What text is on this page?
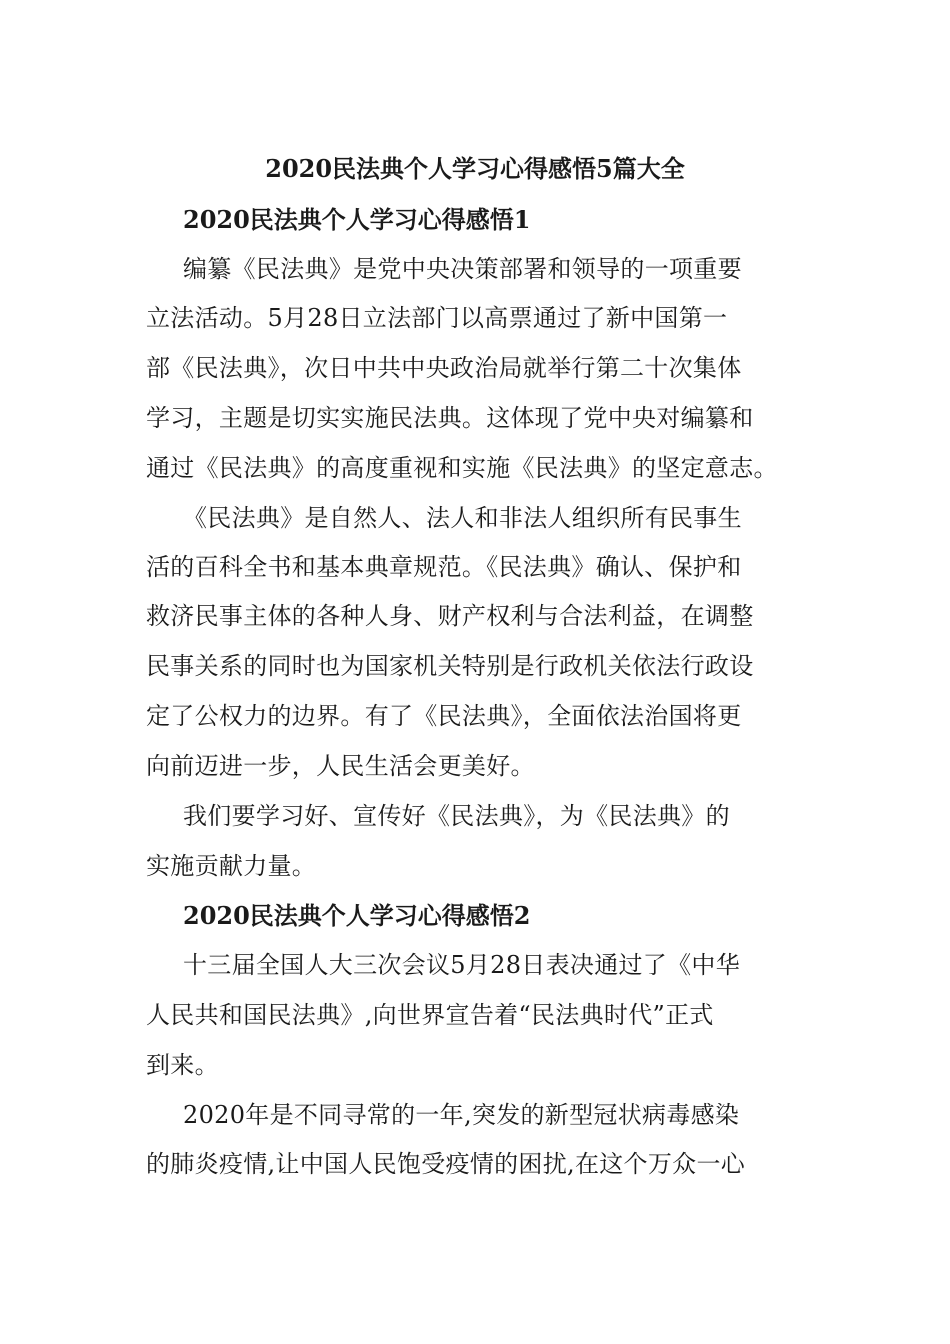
2020民法典个人学习心得感悟5篇大全
2020民法典个人学习心得感悟1

编纂《民法典》是党中央决策部署和领导的一项重要

立法活动。5月28日立法部门以高票通过了新中国第一

部《民法典》，次日中共中央政治局就举行第二十次集体

学习，主题是切实实施民法典。这体现了党中央对编纂和

通过《民法典》的高度重视和实施《民法典》的坚定意志。

《民法典》是自然人、法人和非法人组织所有民事生

活的百科全书和基本典章规范。《民法典》确认、保护和

救济民事主体的各种人身、财产权利与合法利益，在调整

民事关系的同时也为国家机关特别是行政机关依法行政设

定了公权力的边界。有了《民法典》，全面依法治国将更

向前迈进一步，人民生活会更美好。

我们要学习好、宣传好《民法典》，为《民法典》的

实施贡献力量。

2020民法典个人学习心得感悟2

十三届全国人大三次会议5月28日表决通过了《中华

人民共和国民法典》,向世界宣告着“民法典时代”正式

到来。

2020年是不同寻常的一年,突发的新型冠状病毒感染

的肺炎疫情,让中国人民饱受疫情的困扰,在这个万众一心
